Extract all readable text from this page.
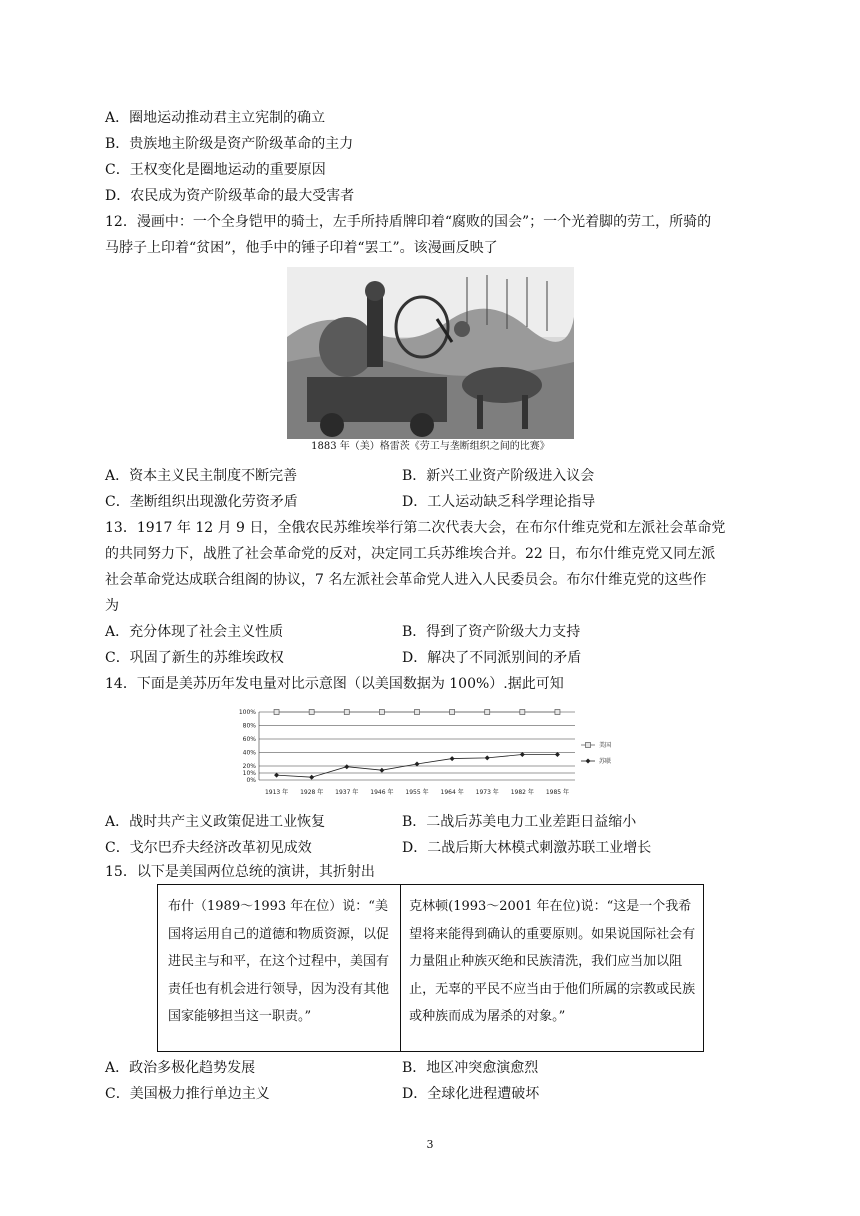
A．圈地运动推动君主立宪制的确立
B．贵族地主阶级是资产阶级革命的主力
C．王权变化是圈地运动的重要原因
D．农民成为资产阶级革命的最大受害者
12．漫画中：一个全身铠甲的骑士，左手所持盾牌印着“腐败的国会”；一个光着脚的劳工，所骑的
马脖子上印着“贫困”，他手中的锤子印着“罢工”。该漫画反映了
1883 年（美）格雷茨《劳工与垄断组织之间的比赛》
A．资本主义民主制度不断完善	B．新兴工业资产阶级进入议会
C．垄断组织出现激化劳资矛盾	D．工人运动缺乏科学理论指导
13．1917 年 12 月 9 日，全俄农民苏维埃举行第二次代表大会，在布尔什维克党和左派社会革命党
的共同努力下，战胜了社会革命党的反对，决定同工兵苏维埃合并。22 日，布尔什维克党又同左派
社会革命党达成联合组阁的协议，7 名左派社会革命党人进入人民委员会。布尔什维克党的这些作
为
A．充分体现了社会主义性质	B．得到了资产阶级大力支持
C．巩固了新生的苏维埃政权	D．解决了不同派别间的矛盾
14．下面是美苏历年发电量对比示意图（以美国数据为 100%）.据此可知
0%
10%
20%
40%
60%
80%
100%
1913 年 1928 年 1937 年 1946 年 1955 年 1964 年 1973 年 1982 年 1985 年
美国
苏联
A．战时共产主义政策促进工业恢复	B．二战后苏美电力工业差距日益缩小
C．戈尔巴乔夫经济改革初见成效	D．二战后斯大林模式刺激苏联工业增长
15．以下是美国两位总统的演讲，其折射出
布什（1989～1993 年在位）说：“美国将运用自己的道德和物质资源，以促进民主与和平，在这个过程中，美国有责任也有机会进行领导，因为没有其他国家能够担当这一职责。”
克林顿(1993～2001 年在位)说：“这是一个我希望将来能得到确认的重要原则。如果说国际社会有力量阻止种族灭绝和民族清洗，我们应当加以阻止，无辜的平民不应当由于他们所属的宗教或民族或种族而成为屠杀的对象。”
A．政治多极化趋势发展	B．地区冲突愈演愈烈
C．美国极力推行单边主义	D．全球化进程遭破坏
3
